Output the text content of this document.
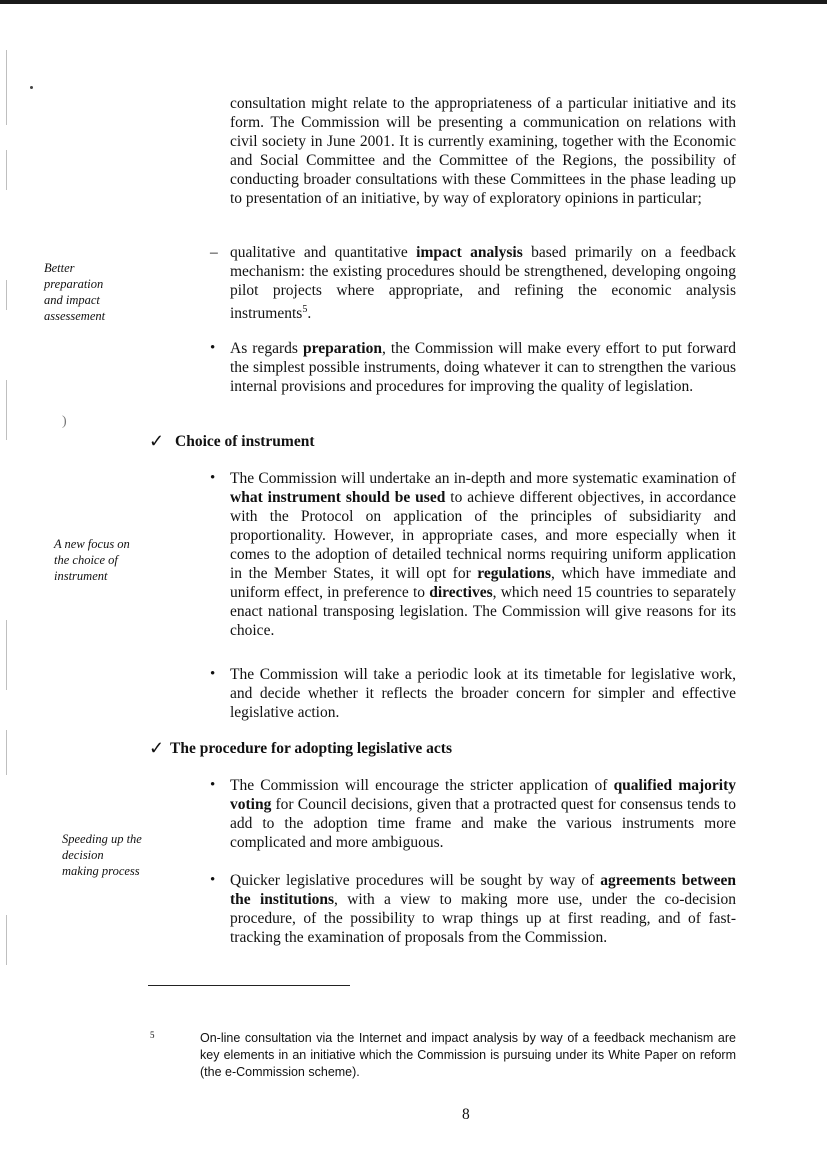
)

consultation might relate to the appropriateness of a particular initiative and its form. The Commission will be presenting a communication on relations with civil society in June 2001. It is currently examining, together with the Economic and Social Committee and the Committee of the Regions, the possibility of conducting broader consultations with these Committees in the phase leading up to presentation of an initiative, by way of exploratory opinions in particular;

– qualitative and quantitative impact analysis based primarily on a feedback mechanism: the existing procedures should be strengthened, developing ongoing pilot projects where appropriate, and refining the economic analysis instruments$^5$.

Better
preparation
and impact
assessement

• As regards preparation, the Commission will make every effort to put forward the simplest possible instruments, doing whatever it can to strengthen the various internal provisions and procedures for improving the quality of legislation.

✓ Choice of instrument
• The Commission will undertake an in-depth and more systematic examination of what instrument should be used to achieve different objectives, in accordance with the Protocol on application of the principles of subsidiarity and proportionality. However, in appropriate cases, and more especially when it comes to the adoption of detailed technical norms requiring uniform application in the Member States, it will opt for regulations, which have immediate and uniform effect, in preference to directives, which need 15 countries to separately enact national transposing legislation. The Commission will give reasons for its choice.

A new focus on
the choice of
instrument

• The Commission will take a periodic look at its timetable for legislative work, and decide whether it reflects the broader concern for simpler and effective legislative action.

✓ The procedure for adopting legislative acts
• The Commission will encourage the stricter application of qualified majority voting for Council decisions, given that a protracted quest for consensus tends to add to the adoption time frame and make the various instruments more complicated and more ambiguous.

Speeding up the
decision
making process

• Quicker legislative procedures will be sought by way of agreements between the institutions, with a view to making more use, under the co-decision procedure, of the possibility to wrap things up at first reading, and of fast-tracking the examination of proposals from the Commission.

5	On-line consultation via the Internet and impact analysis by way of a feedback mechanism are key elements in an initiative which the Commission is pursuing under its White Paper on reform (the e-Commission scheme).

8
